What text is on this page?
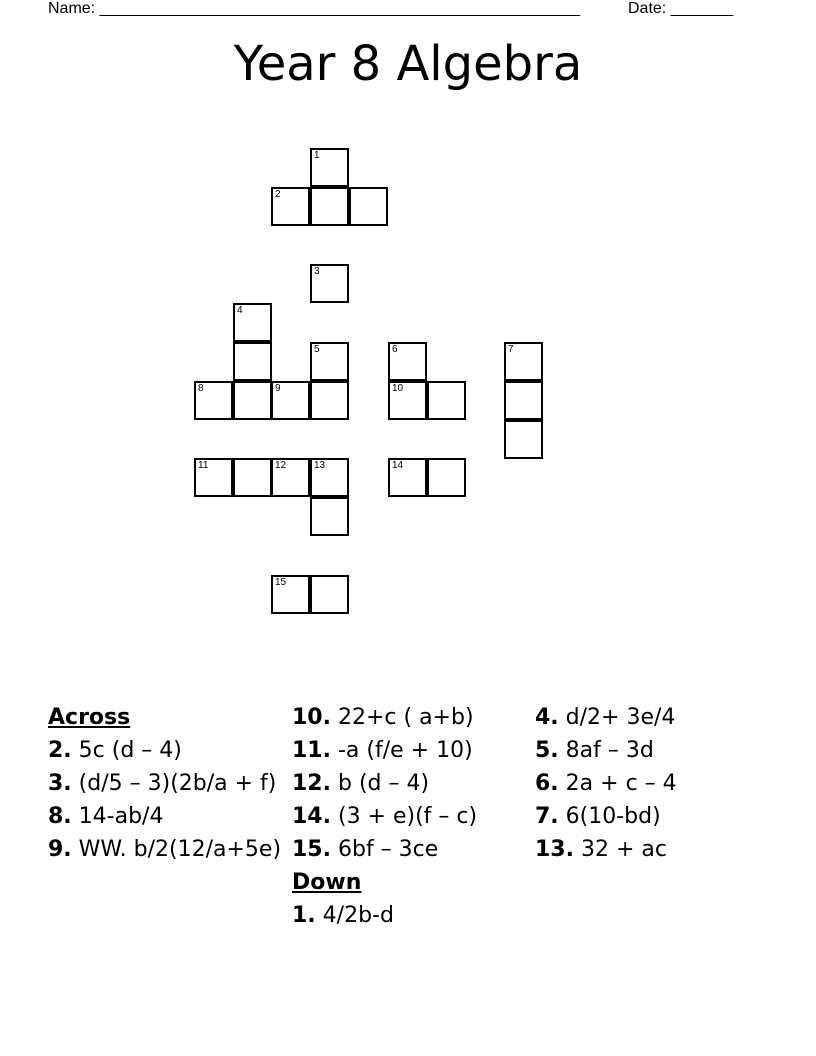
Name: ______________________________________________________	Date: _______
Year 8 Algebra
1
2
3
4
5	6	7
8	9	10
11	12	13	14
15
Across
2. 5c (d – 4)
3. (d/5 – 3)(2b/a + f)
8. 14-ab/4
9. WW. b/2(12/a+5e)
10. 22+c ( a+b)
11. -a (f/e + 10)
12. b (d – 4)
14. (3 + e)(f – c)
15. 6bf – 3ce
Down
1. 4/2b-d
4. d/2+ 3e/4
5. 8af – 3d
6. 2a + c – 4
7. 6(10-bd)
13. 32 + ac
